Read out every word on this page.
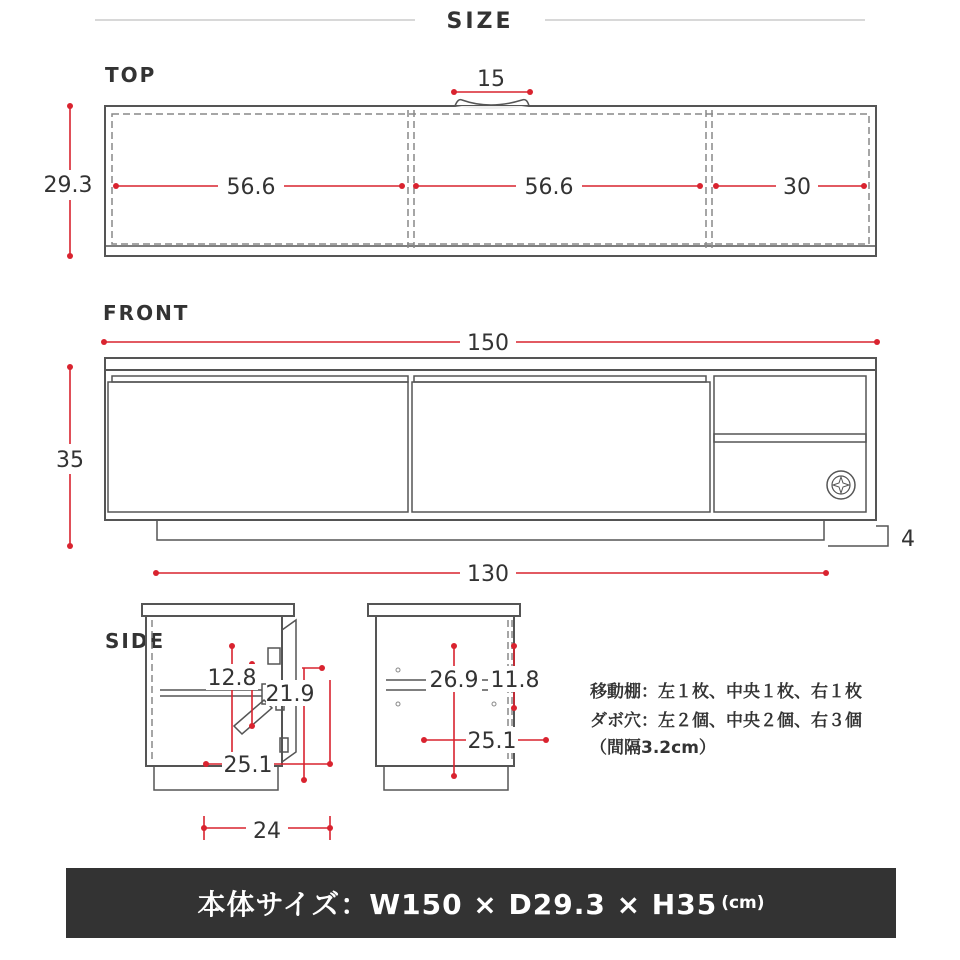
SIZE
TOP	15
29.3	56.6	56.6	30
FRONT
150
35
4
130
SIDE
12.8
21.9
25.1
24
26.9 11.8
25.1
移動棚：左１枚、中央１枚、右１枚
ダボ穴：左２個、中央２個、右３個
（間隔3.2cm）
本体サイズ：W150 × D29.3 × H35 (cm)
